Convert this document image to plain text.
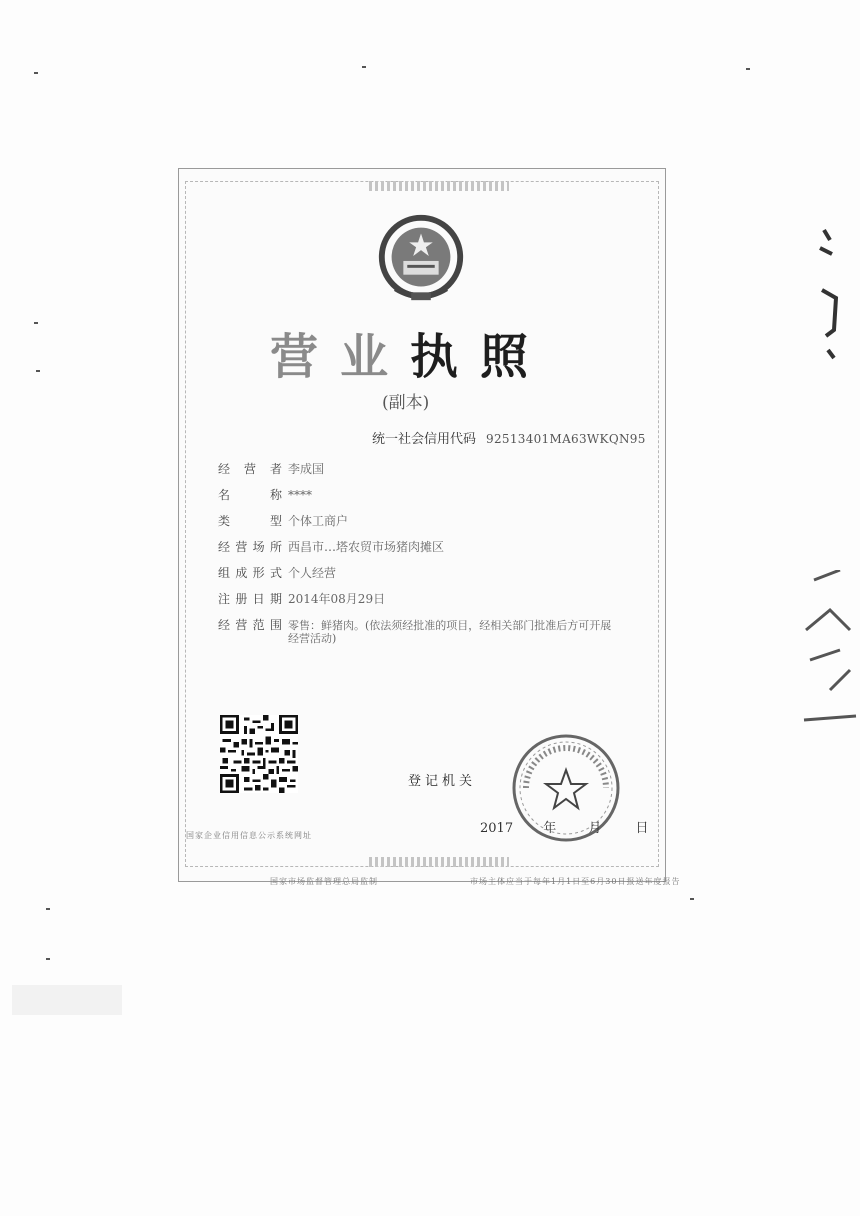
营业执照
(副本)
统一社会信用代码 92513401MA63WKQN95
经营者 李成国
名称 ****
类型 个体工商户
经营场所 西昌市…塔农贸市场猪肉摊区
组成形式 个人经营
注册日期 2014年08月29日
经营范围 零售：鲜猪肉。(依法须经批准的项目，经相关部门批准后方可开展经营活动)
登记机关
2017 年 月	日
国家企业信用信息公示系统网址
国家市场监督管理总局监制	市场主体应当于每年1月1日至6月30日报送年度报告
